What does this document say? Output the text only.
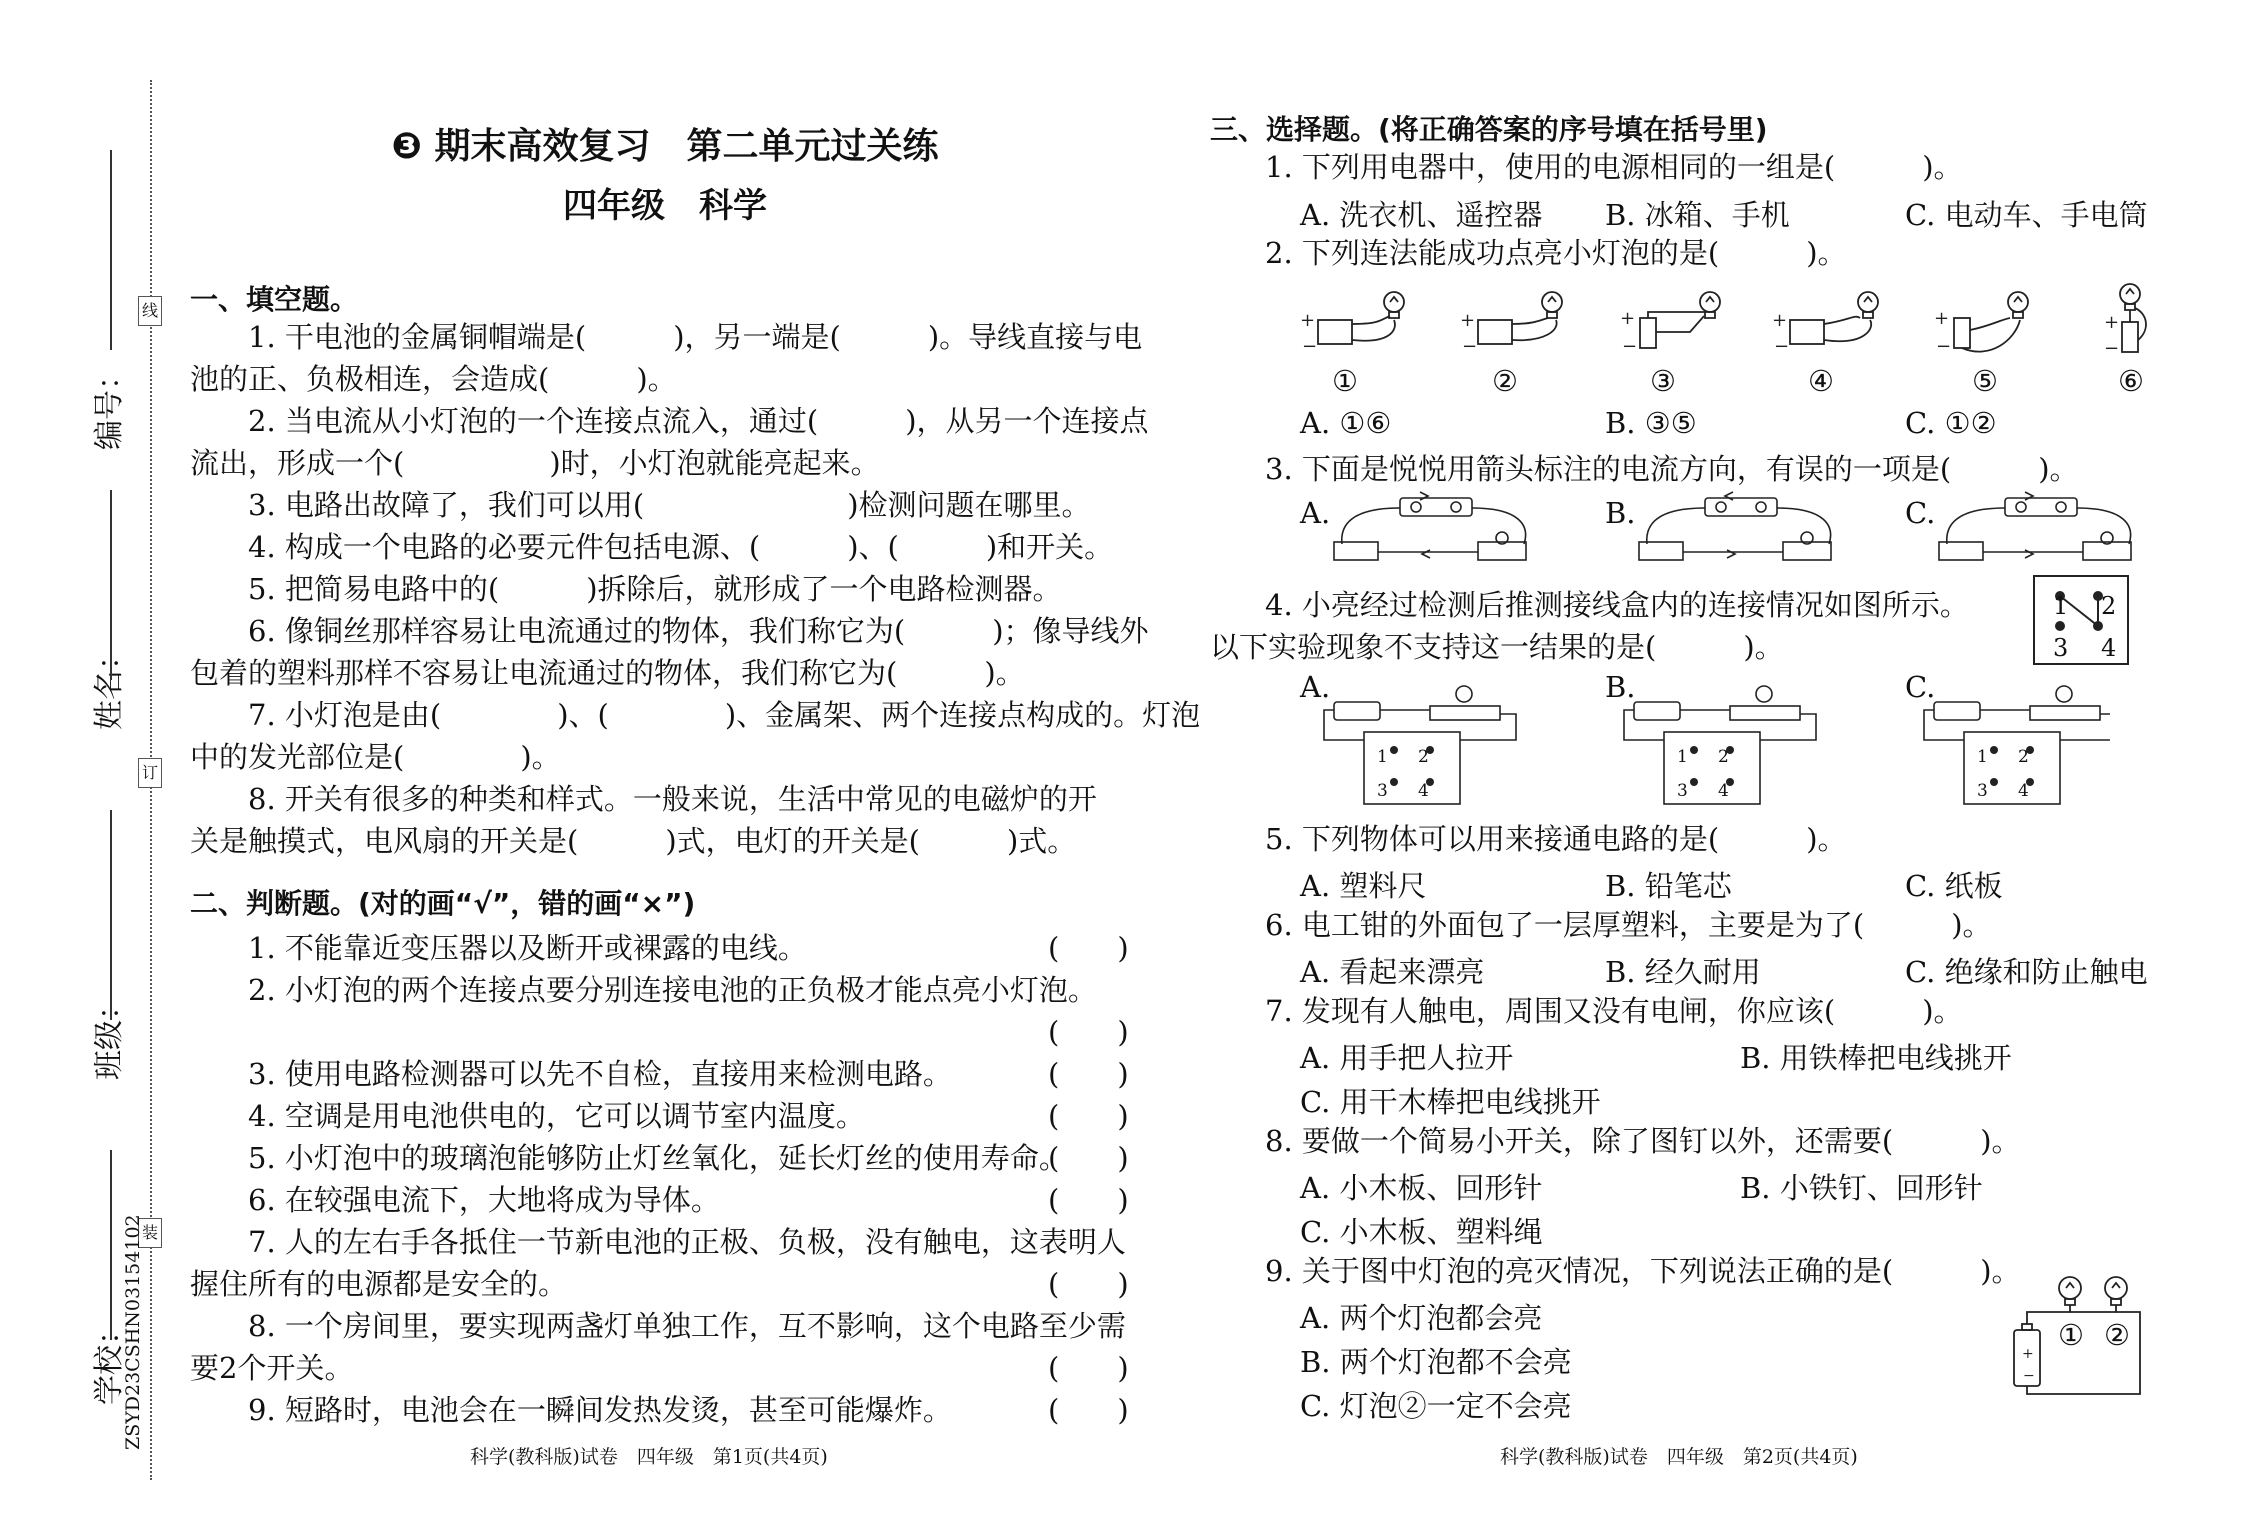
线
订
装
编号：
姓名：
班级：
学校：
ZSYD23CSHN03154102
❸ 期末高效复习　第二单元过关练
四年级　科学
一、填空题。
　　1. 干电池的金属铜帽端是(　　　)，另一端是(　　　)。导线直接与电
池的正、负极相连，会造成(　　　)。
　　2. 当电流从小灯泡的一个连接点流入，通过(　　　)，从另一个连接点
流出，形成一个(　　　　　)时，小灯泡就能亮起来。
　　3. 电路出故障了，我们可以用(　　　　　　　)检测问题在哪里。
　　4. 构成一个电路的必要元件包括电源、(　　　)、(　　　)和开关。
　　5. 把简易电路中的(　　　)拆除后，就形成了一个电路检测器。
　　6. 像铜丝那样容易让电流通过的物体，我们称它为(　　　)；像导线外
包着的塑料那样不容易让电流通过的物体，我们称它为(　　　)。
　　7. 小灯泡是由(　　　　)、(　　　　)、金属架、两个连接点构成的。灯泡
中的发光部位是(　　　　)。
　　8. 开关有很多的种类和样式。一般来说，生活中常见的电磁炉的开
关是触摸式，电风扇的开关是(　　　)式，电灯的开关是(　　　)式。
二、判断题。(对的画“√”，错的画“×”)
　　1. 不能靠近变压器以及断开或裸露的电线。	(　　)
　　2. 小灯泡的两个连接点要分别连接电池的正负极才能点亮小灯泡。
(　　)
　　3. 使用电路检测器可以先不自检，直接用来检测电路。	(　　)
　　4. 空调是用电池供电的，它可以调节室内温度。	(　　)
　　5. 小灯泡中的玻璃泡能够防止灯丝氧化，延长灯丝的使用寿命。
(　　)
　　6. 在较强电流下，大地将成为导体。	(　　)
　　7. 人的左右手各抵住一节新电池的正极、负极，没有触电，这表明人
握住所有的电源都是安全的。	(　　)
　　8. 一个房间里，要实现两盏灯单独工作，互不影响，这个电路至少需
要2个开关。	(　　)
　　9. 短路时，电池会在一瞬间发热发烫，甚至可能爆炸。	(　　)
科学(教科版)试卷　四年级　第1页(共4页)
三、选择题。(将正确答案的序号填在括号里)
1. 下列用电器中，使用的电源相同的一组是(　　　)。
A. 洗衣机、遥控器 B. 冰箱、手机	C. 电动车、手电筒
2. 下列连法能成功点亮小灯泡的是(　　　)。
+
−
+
−
+
−
+
−
+
−
+
−
①	②	③	④	⑤	⑥
A. ①⑥	B. ③⑤	C. ①②
3. 下面是悦悦用箭头标注的电流方向，有误的一项是(　　　)。
A.	B.	C.
4. 小亮经过检测后推测接线盒内的连接情况如图所示。
以下实验现象不支持这一结果的是(　　　)。
1 2
3 4
A.	B.	C.
1 2
3 4
1 2
3 4
1 2
3 4
5. 下列物体可以用来接通电路的是(　　　)。
A. 塑料尺	B. 铅笔芯	C. 纸板
6. 电工钳的外面包了一层厚塑料，主要是为了(　　　)。
A. 看起来漂亮	B. 经久耐用	C. 绝缘和防止触电
7. 发现有人触电，周围又没有电闸，你应该(　　　)。
A. 用手把人拉开	B. 用铁棒把电线挑开
C. 用干木棒把电线挑开
8. 要做一个简易小开关，除了图钉以外，还需要(　　　)。
A. 小木板、回形针	B. 小铁钉、回形针
C. 小木板、塑料绳
9. 关于图中灯泡的亮灭情况，下列说法正确的是(　　　)。
A. 两个灯泡都会亮
B. 两个灯泡都不会亮
C. 灯泡②一定不会亮
+
−
① ②
科学(教科版)试卷　四年级　第2页(共4页)
